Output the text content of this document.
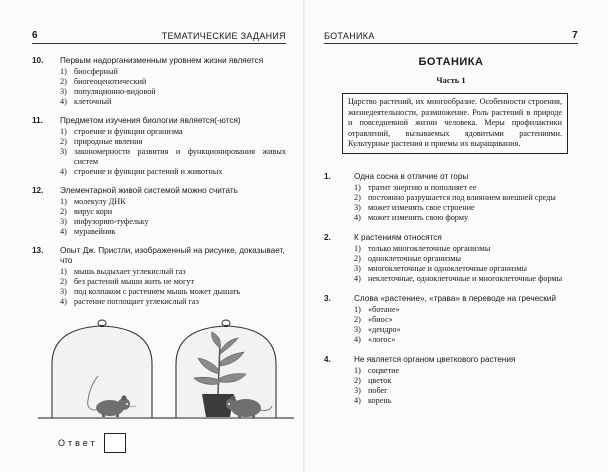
6	ТЕМАТИЧЕСКИЕ ЗАДАНИЯ
10.	Первым надорганизменным уровнем жизни является
1) биосферный
2) биогеоценотический
3) популяционно-видовой
4) клеточный
11.	Предметом изучения биологии является(-ются)
1) строение и функции организма
2) природные явления
3) закономерности развития и функционирования живых систем
4) строение и функции растений и животных
12.	Элементарной живой системой можно считать
1) молекулу ДНК
2) вирус кори
3) инфузорию-туфельку
4) муравейник
13.	Опыт Дж. Пристли, изображенный на рисунке, доказывает, что
1) мышь выдыхает углекислый газ
2) без растений мыши жить не могут
3) под колпаком с растением мышь может дышать
4) растение поглощает углекислый газ
Ответ
БОТАНИКА	7
БОТАНИКА
Часть 1
Царство растений, их многообразие. Особенности строения, жизнедеятельности, размножение. Роль растений в природе и повседневной жизни человека. Меры профилактики отравлений, вызываемых ядовитыми растениями. Культурные растения и приемы их выращивания.
1.	Одна сосна в отличие от горы
1) тратит энергию и пополняет ее
2) постоянно разрушается под влиянием внешней среды
3) может изменять свое строение
4) может изменять свою форму
2.	К растениям относятся
1) только многоклеточные организмы
2) одноклеточные организмы
3) многоклеточные и одноклеточные организмы
4) неклеточные, одноклеточные и многоклеточные формы
3.	Слова «растение», «трава» в переводе на греческий
1) «ботане»
2) «биос»
3) «дендро»
4) «логос»
4.	Не является органом цветкового растения
1) соцветие
2) цветок
3) побег
4) корень
